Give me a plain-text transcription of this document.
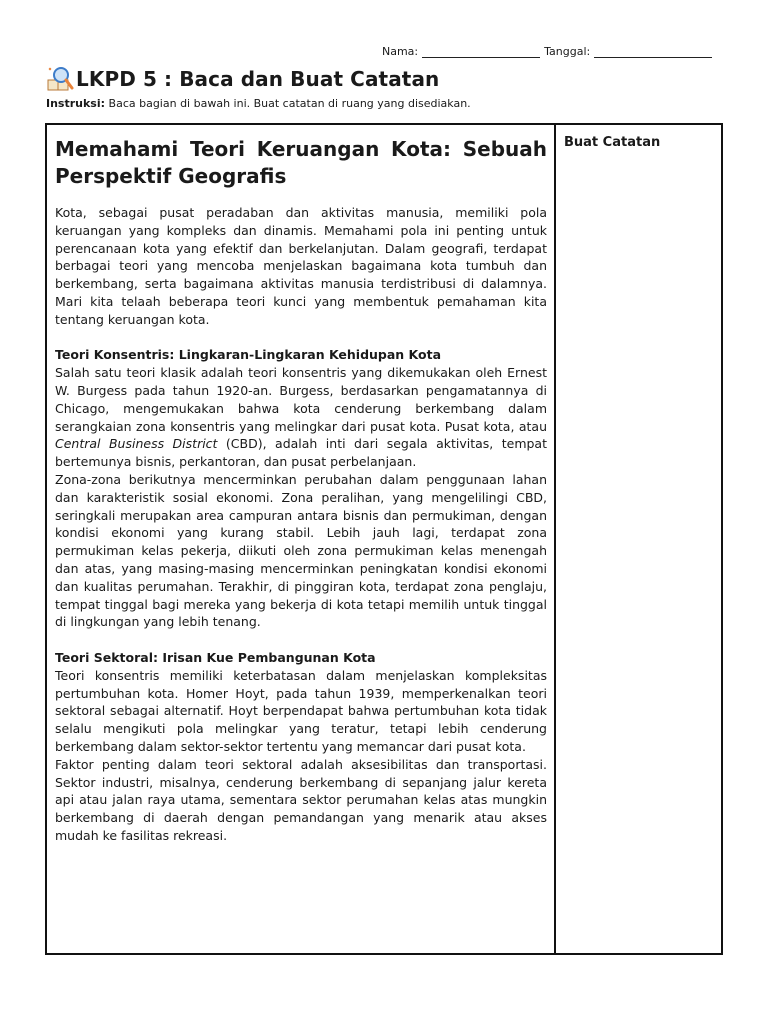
Nama:	Tanggal:
LKPD 5 : Baca dan Buat Catatan
Instruksi: Baca bagian di bawah ini. Buat catatan di ruang yang disediakan.
Memahami Teori Keruangan Kota: Sebuah Perspektif Geografis

Kota, sebagai pusat peradaban dan aktivitas manusia, memiliki pola keruangan yang kompleks dan dinamis. Memahami pola ini penting untuk perencanaan kota yang efektif dan berkelanjutan. Dalam geografi, terdapat berbagai teori yang mencoba menjelaskan bagaimana kota tumbuh dan berkembang, serta bagaimana aktivitas manusia terdistribusi di dalamnya. Mari kita telaah beberapa teori kunci yang membentuk pemahaman kita tentang keruangan kota.

Teori Konsentris: Lingkaran-Lingkaran Kehidupan Kota

Salah satu teori klasik adalah teori konsentris yang dikemukakan oleh Ernest W. Burgess pada tahun 1920-an. Burgess, berdasarkan pengamatannya di Chicago, mengemukakan bahwa kota cenderung berkembang dalam serangkaian zona konsentris yang melingkar dari pusat kota. Pusat kota, atau Central Business District (CBD), adalah inti dari segala aktivitas, tempat bertemunya bisnis, perkantoran, dan pusat perbelanjaan.

Zona-zona berikutnya mencerminkan perubahan dalam penggunaan lahan dan karakteristik sosial ekonomi. Zona peralihan, yang mengelilingi CBD, seringkali merupakan area campuran antara bisnis dan permukiman, dengan kondisi ekonomi yang kurang stabil. Lebih jauh lagi, terdapat zona permukiman kelas pekerja, diikuti oleh zona permukiman kelas menengah dan atas, yang masing-masing mencerminkan peningkatan kondisi ekonomi dan kualitas perumahan. Terakhir, di pinggiran kota, terdapat zona penglaju, tempat tinggal bagi mereka yang bekerja di kota tetapi memilih untuk tinggal di lingkungan yang lebih tenang.

Teori Sektoral: Irisan Kue Pembangunan Kota

Teori konsentris memiliki keterbatasan dalam menjelaskan kompleksitas pertumbuhan kota. Homer Hoyt, pada tahun 1939, memperkenalkan teori sektoral sebagai alternatif. Hoyt berpendapat bahwa pertumbuhan kota tidak selalu mengikuti pola melingkar yang teratur, tetapi lebih cenderung berkembang dalam sektor-sektor tertentu yang memancar dari pusat kota.

Faktor penting dalam teori sektoral adalah aksesibilitas dan transportasi. Sektor industri, misalnya, cenderung berkembang di sepanjang jalur kereta api atau jalan raya utama, sementara sektor perumahan kelas atas mungkin berkembang di daerah dengan pemandangan yang menarik atau akses mudah ke fasilitas rekreasi.

Buat Catatan
